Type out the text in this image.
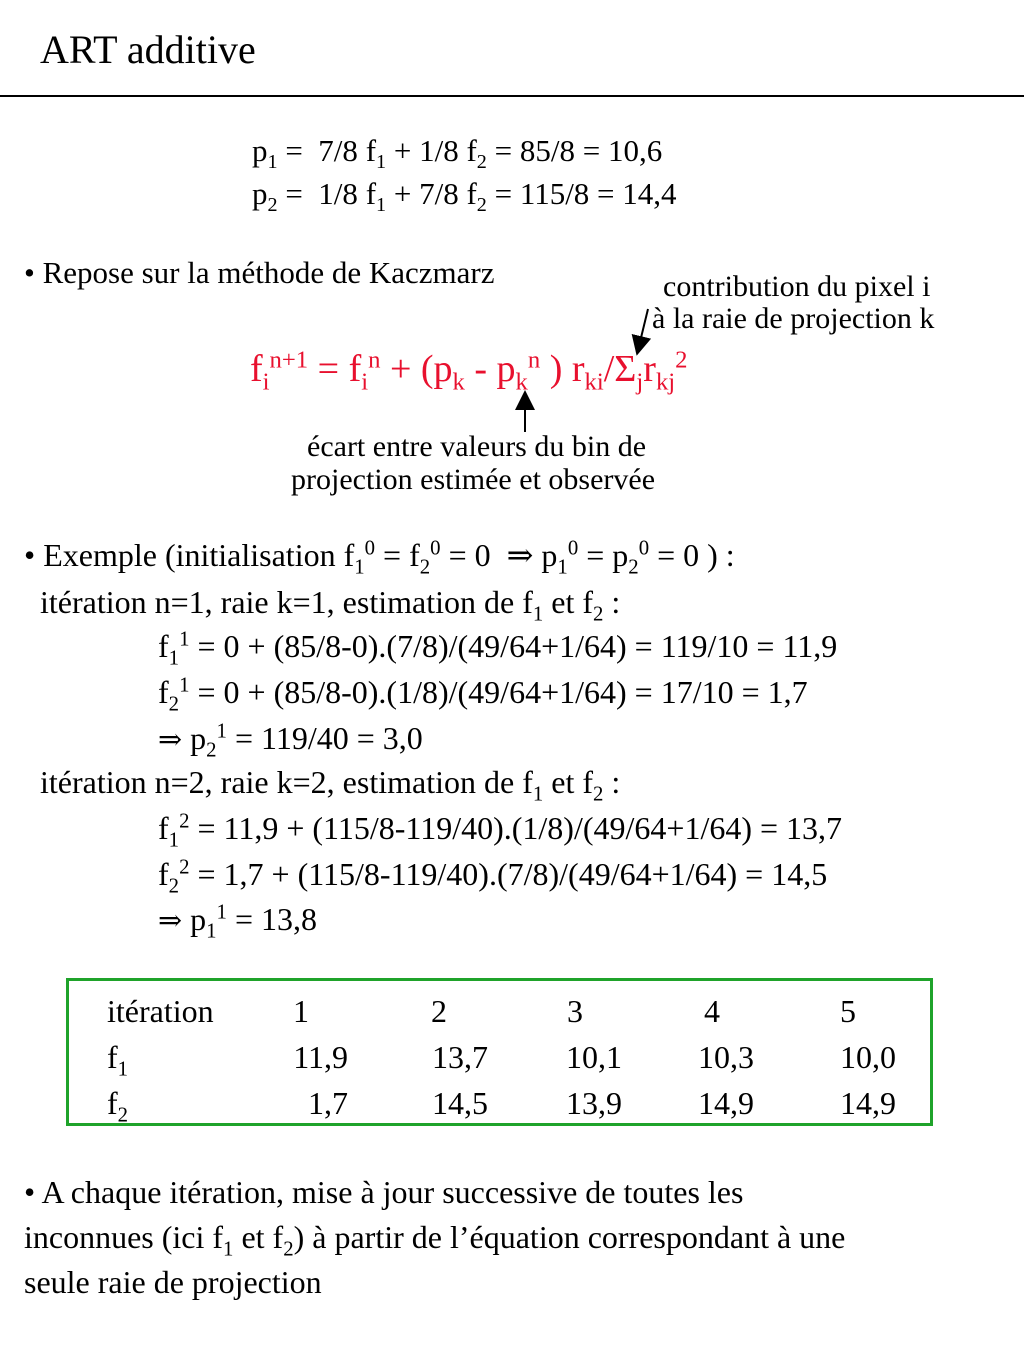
ART additive
$p_1 = 7/8$ $f_1 + 1/8$ $f_2 = 85/8 = 10,6$
$p_2 = 1/8$ $f_1 + 7/8$ $f_2 = 115/8 = 14,4$
• Repose sur la méthode de Kaczmarz	contribution du pixel i
à la raie de projection k
$f_i^{n+1} = f_i^n + (p_k - p_k^n$ ) $r_{ki}/\Sigma_jr_{kj}^2$
écart entre valeurs du bin de
projection estimée et observée
• Exemple (initialisation $f_1^0 = f_2^0 = 0$  ⇒ $p_1^0 = p_2^0 = 0$ ) :
itération n=1, raie k=1, estimation de $f_1$ et $f_2$ :
$f_1^1 = 0 + (85/8-0).(7/8)/(49/64+1/64) = 119/10 = 11,9$
$f_2^1 = 0 + (85/8-0).(1/8)/(49/64+1/64) = 17/10 = 1,7$
⇒ $p_2^1 = 119/40 = 3,0$
itération n=2, raie k=2, estimation de $f_1$ et $f_2$ :
$f_1^2 = 11,9 + (115/8-119/40).(1/8)/(49/64+1/64) = 13,7$
$f_2^2 = 1,7 + (115/8-119/40).(7/8)/(49/64+1/64) = 14,5$
⇒ $p_1^1 = 13,8$
itération 1	2	3	4	5
$f_1$	11,9	13,7	10,1	10,3	10,0
$f_2$	1,7	14,5	13,9	14,9	14,9
• A chaque itération, mise à jour successive de toutes les
inconnues (ici $f_1$ et $f_2$) à partir de l’équation correspondant à une
seule raie de projection
